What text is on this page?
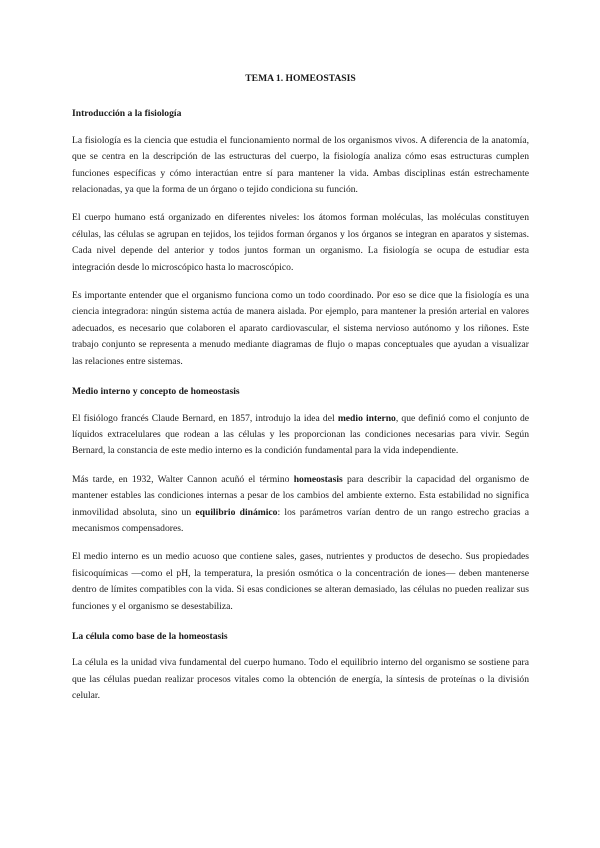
TEMA 1. HOMEOSTASIS
Introducción a la fisiología

La fisiología es la ciencia que estudia el funcionamiento normal de los organismos vivos. A diferencia de la anatomía, que se centra en la descripción de las estructuras del cuerpo, la fisiología analiza cómo esas estructuras cumplen funciones específicas y cómo interactúan entre sí para mantener la vida. Ambas disciplinas están estrechamente relacionadas, ya que la forma de un órgano o tejido condiciona su función.

El cuerpo humano está organizado en diferentes niveles: los átomos forman moléculas, las moléculas constituyen células, las células se agrupan en tejidos, los tejidos forman órganos y los órganos se integran en aparatos y sistemas. Cada nivel depende del anterior y todos juntos forman un organismo. La fisiología se ocupa de estudiar esta integración desde lo microscópico hasta lo macroscópico.

Es importante entender que el organismo funciona como un todo coordinado. Por eso se dice que la fisiología es una ciencia integradora: ningún sistema actúa de manera aislada. Por ejemplo, para mantener la presión arterial en valores adecuados, es necesario que colaboren el aparato cardiovascular, el sistema nervioso autónomo y los riñones. Este trabajo conjunto se representa a menudo mediante diagramas de flujo o mapas conceptuales que ayudan a visualizar las relaciones entre sistemas.

Medio interno y concepto de homeostasis

El fisiólogo francés Claude Bernard, en 1857, introdujo la idea del medio interno, que definió como el conjunto de líquidos extracelulares que rodean a las células y les proporcionan las condiciones necesarias para vivir. Según Bernard, la constancia de este medio interno es la condición fundamental para la vida independiente.

Más tarde, en 1932, Walter Cannon acuñó el término homeostasis para describir la capacidad del organismo de mantener estables las condiciones internas a pesar de los cambios del ambiente externo. Esta estabilidad no significa inmovilidad absoluta, sino un equilibrio dinámico: los parámetros varían dentro de un rango estrecho gracias a mecanismos compensadores.

El medio interno es un medio acuoso que contiene sales, gases, nutrientes y productos de desecho. Sus propiedades fisicoquímicas —como el pH, la temperatura, la presión osmótica o la concentración de iones— deben mantenerse dentro de límites compatibles con la vida. Si esas condiciones se alteran demasiado, las células no pueden realizar sus funciones y el organismo se desestabiliza.

La célula como base de la homeostasis

La célula es la unidad viva fundamental del cuerpo humano. Todo el equilibrio interno del organismo se sostiene para que las células puedan realizar procesos vitales como la obtención de energía, la síntesis de proteínas o la división celular.
